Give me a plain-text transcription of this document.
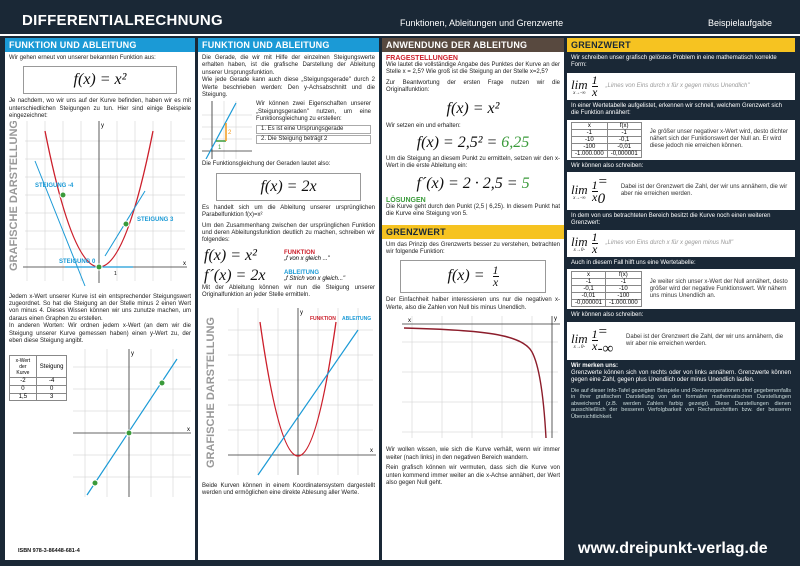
DIFFERENTIALRECHNUNG	Funktionen, Ableitungen und Grenzwerte	Beispielaufgabe
FUNKTION UND ABLEITUNG
Wir gehen erneut von unserer bekannten Funktion aus:
f(x) = x²
Je nachdem, wo wir uns auf der Kurve befinden, haben wir es mit unterschiedlichen Steigungen zu tun. Hier sind einige Beispiele eingezeichnet:
GRAFISCHE DARSTELLUNG	x
y
1
STEIGUNG -4
STEIGUNG 3
STEIGUNG 0
Jedem x-Wert unserer Kurve ist ein entsprechender Steigungswert zugeordnet. So hat die Steigung an der Stelle minus 2 einen Wert von minus 4. Dieses Wissen können wir uns zunutze machen, um daraus einen Graphen zu erstellen.
In anderen Worten: Wir ordnen jedem x-Wert (an dem wir die Steigung unserer Kurve gemessen haben) einen y-Wert zu, der eben diese Steigung angibt.
x-Wert der Kurve	Steigung
-2	-4
0	0
1,5	3
y
x
FUNKTION UND ABLEITUNG
Die Gerade, die wir mit Hilfe der einzelnen Steigungswerte erhalten haben, ist die grafische Darstellung der Ableitung unserer Ursprungsfunktion.
Wie jede Gerade kann auch diese „Steigungsgerade" durch 2 Werte beschrieben werden: Den y-Achsabschnitt und die Steigung.
1
2
Wir können zwei Eigenschaften unserer „Steigungsgeraden" nutzen, um eine Funktionsgleichung zu erstellen:
1. Es ist eine Ursprungsgerade
2. Die Steigung beträgt 2
Die Funktionsgleichung der Geraden lautet also:
f(x) = 2x
Es handelt sich um die Ableitung unserer ursprünglichen Parabelfunktion f(x)=x²
Um den Zusammenhang zwischen der ursprünglichen Funktion und deren Ableitungsfunktion deutlich zu machen, schreiben wir folgendes:
f(x) = x²	FUNKTION
„f von x gleich ..."
f´(x) = 2x	ABLEITUNG
„f Strich von x gleich..."
Mit der Ableitung können wir nun die Steigung unserer Originalfunktion an jeder Stelle ermitteln.
GRAFISCHE DARSTELLUNG
y
x
FUNKTION ABLEITUNG
Beide Kurven können in einem Koordinatensystem dargestellt werden und ermöglichen eine direkte Ablesung aller Werte.
ANWENDUNG DER ABLEITUNG
FRAGESTELLUNGEN
Wie lautet die vollständige Angabe des Punktes der Kurve an der Stelle x = 2,5? Wie groß ist die Steigung an der Stelle x=2,5?
Zur Beantwortung der ersten Frage nutzen wir die Originalfunktion:
f(x) = x²
Wir setzen ein und erhalten:
f(x) = 2,5² = 6,25
Um die Steigung an diesem Punkt zu ermitteln, setzen wir den x-Wert in die erste Ableitung ein:
f´(x) = 2 · 2,5 = 5
LÖSUNGEN
Die Kurve geht durch den Punkt (2,5 | 6,25). In diesem Punkt hat die Kurve eine Steigung von 5.
GRENZWERT
Um das Prinzip des Grenzwerts besser zu verstehen, betrachten wir folgende Funktion:
$f(x) = \frac{1}{x}$
Der Einfachheit halber interessieren uns nur die negativen x-Werte, also die Zahlen von Null bis minus Unendlich.
y
x
Wir wollen wissen, wie sich die Kurve verhält, wenn wir immer weiter (nach links) in den negativen Bereich wandern.
Rein grafisch können wir vermuten, dass sich die Kurve von unten kommend immer weiter an die x-Achse annähert, der Wert also gegen Null geht.
GRENZWERT
Wir schreiben unser grafisch gelöstes Problem in eine mathematisch korrekte Form:
lim
$x\to-\infty \frac{1}{x}$	„Limes von Eins durch x für x gegen minus Unendlich"
In einer Wertetabelle aufgelistet, erkennen wir schnell, welchem Grenzwert sich die Funktion annähert:
x	f(x)
-1	-1
-10	-0,1
-100	-0,01
-1.000.000	-0,000001
Je größer unser negativer x-Wert wird, desto dichter nähert sich der Funktionswert der Null an. Er wird diese jedoch nie erreichen können.
Wir können also schreiben:
lim
$x\to-\infty \frac{1}{x} = 0$
Dabei ist der Grenzwert die Zahl, der wir uns annähern, die wir aber nie erreichen werden.
In dem von uns betrachteten Bereich besitzt die Kurve noch einen weiteren Grenzwert:
lim
$x\to 0- \frac{1}{x}$	„Limes von Eins durch x für x gegen minus Null"
Auch in diesem Fall hilft uns eine Wertetabelle:
x	f(x)
-1	-1
-0,1	-10
-0,01	-100
-0,000001	-1.000.000
Je weiter sich unser x-Wert der Null annähert, desto größer wird der negative Funktionswert. Wir nähern uns minus Unendlich an.
Wir können also schreiben:
lim
$x\to 0- \frac{1}{x}$ = -∞
Dabei ist der Grenzwert die Zahl, der wir uns annähern, die wir aber nie erreichen werden.
Wir merken uns:
Grenzwerte können sich von rechts oder von links annähern. Grenzwerte können gegen eine Zahl, gegen plus Unendlich oder minus Unendlich laufen.
Die auf dieser Info-Tafel gezeigten Beispiele und Rechenoperationen sind gegebenenfalls in ihrer grafischen Darstellung von den formalen mathematischen Darstellungen abweichend (z.B. werden Zahlen farbig gezeigt). Diese Darstellungen dienen ausschließlich der besseren Verfolgbarkeit von Rechenschritten bzw. der besseren Übersichtlichkeit.
ISBN 978-3-86448-681-4	www.dreipunkt-verlag.de
